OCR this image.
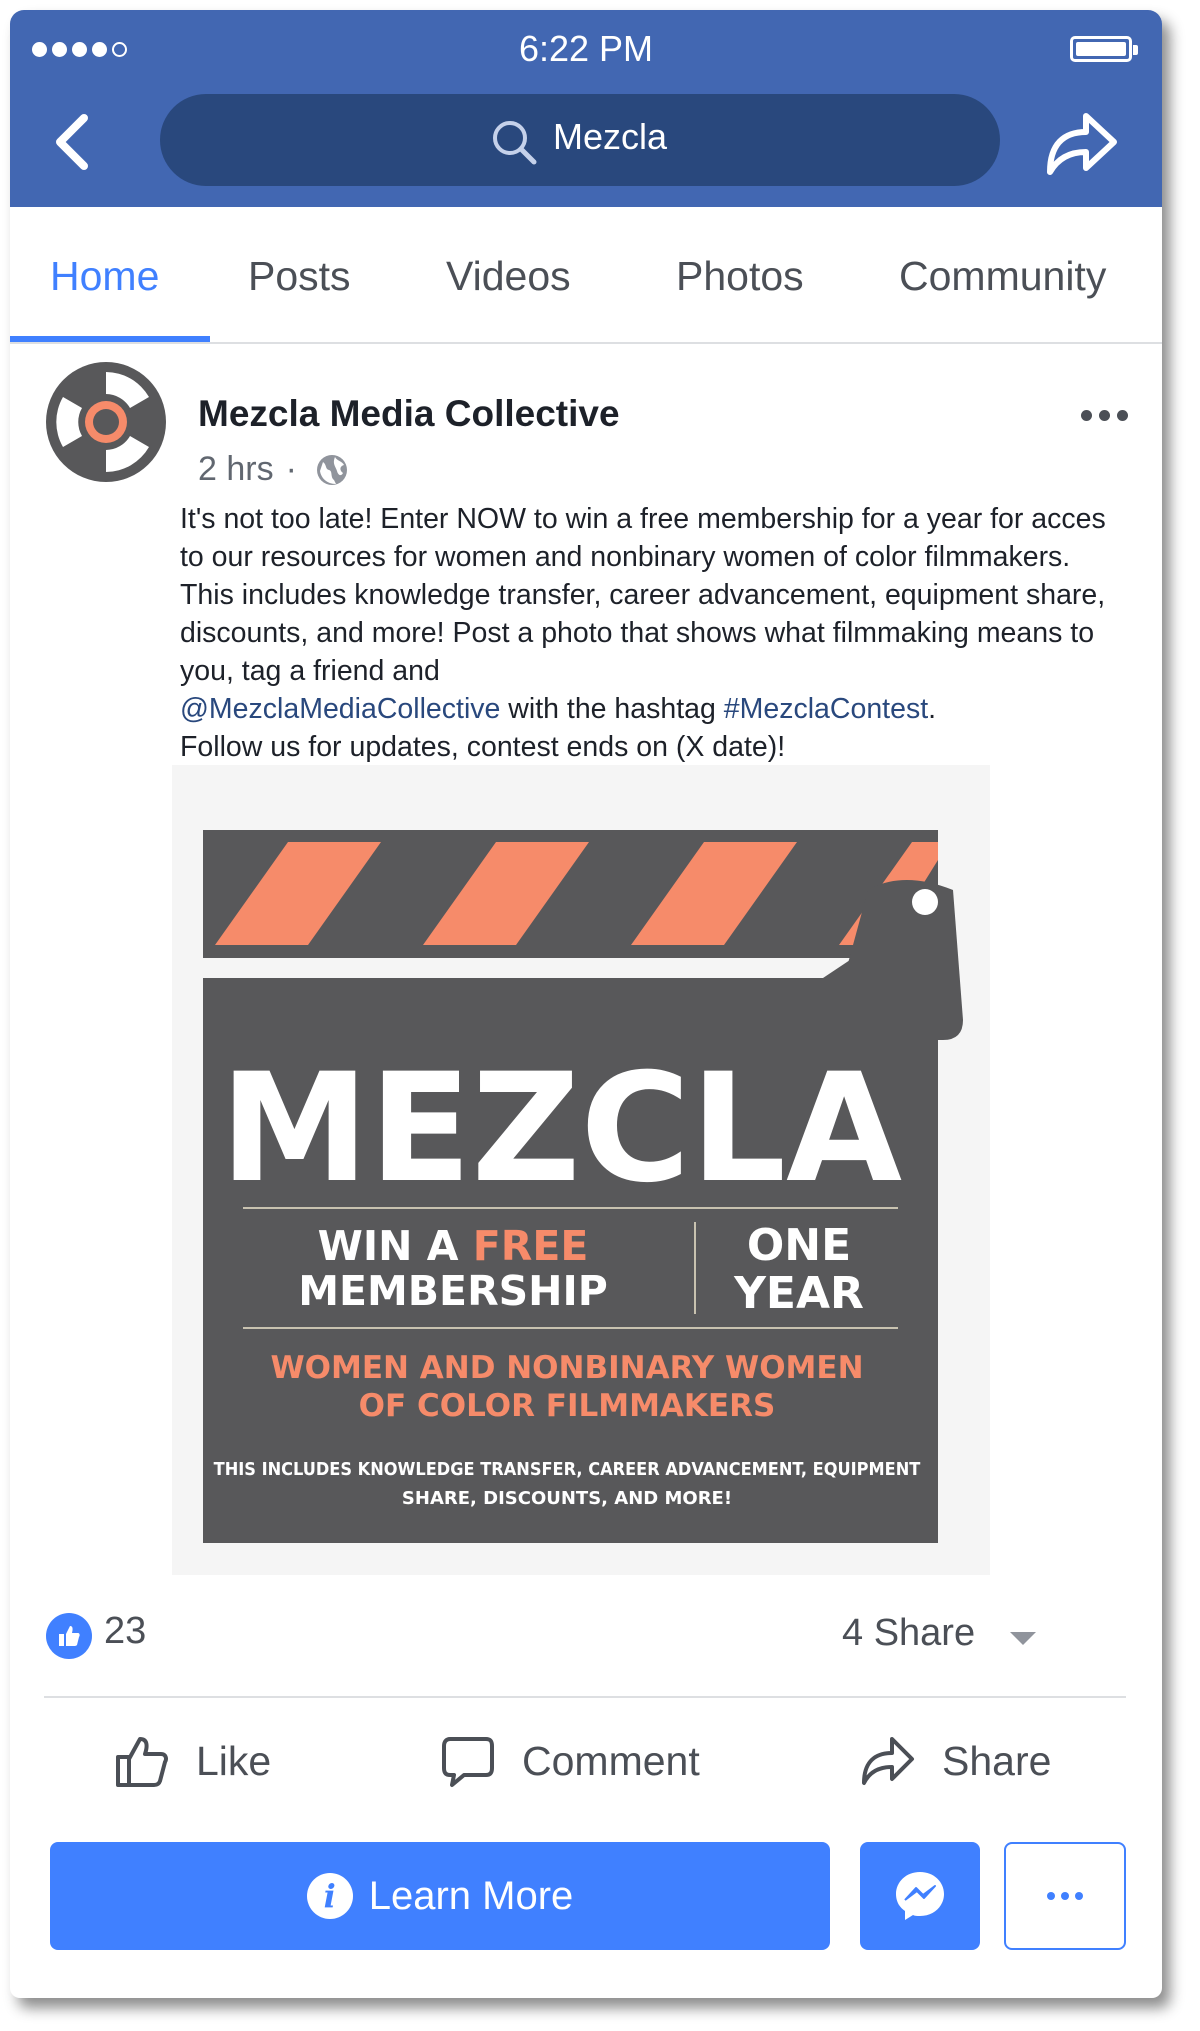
6:22 PM
Mezcla
Home Posts Videos	Photos Community
Mezcla Media Collective
2 hrs ·

It's not too late! Enter NOW to win a free membership for a year for acces to our resources for women and nonbinary women of color filmmakers. This includes knowledge transfer, career advancement, equipment share, discounts, and more! Post a photo that shows what filmmaking means to you, tag a friend and
@MezclaMediaCollective with the hashtag #MezclaContest.
Follow us for updates, contest ends on (X date)!

MEZCLA
WIN A FREE
MEMBERSHIP
ONE
YEAR
WOMEN AND NONBINARY WOMEN
OF COLOR FILMMAKERS
THIS INCLUDES KNOWLEDGE TRANSFER, CAREER ADVANCEMENT, EQUIPMENT
SHARE, DISCOUNTS, AND MORE!
23	4 Share
Like	Comment	Share
i Learn More
